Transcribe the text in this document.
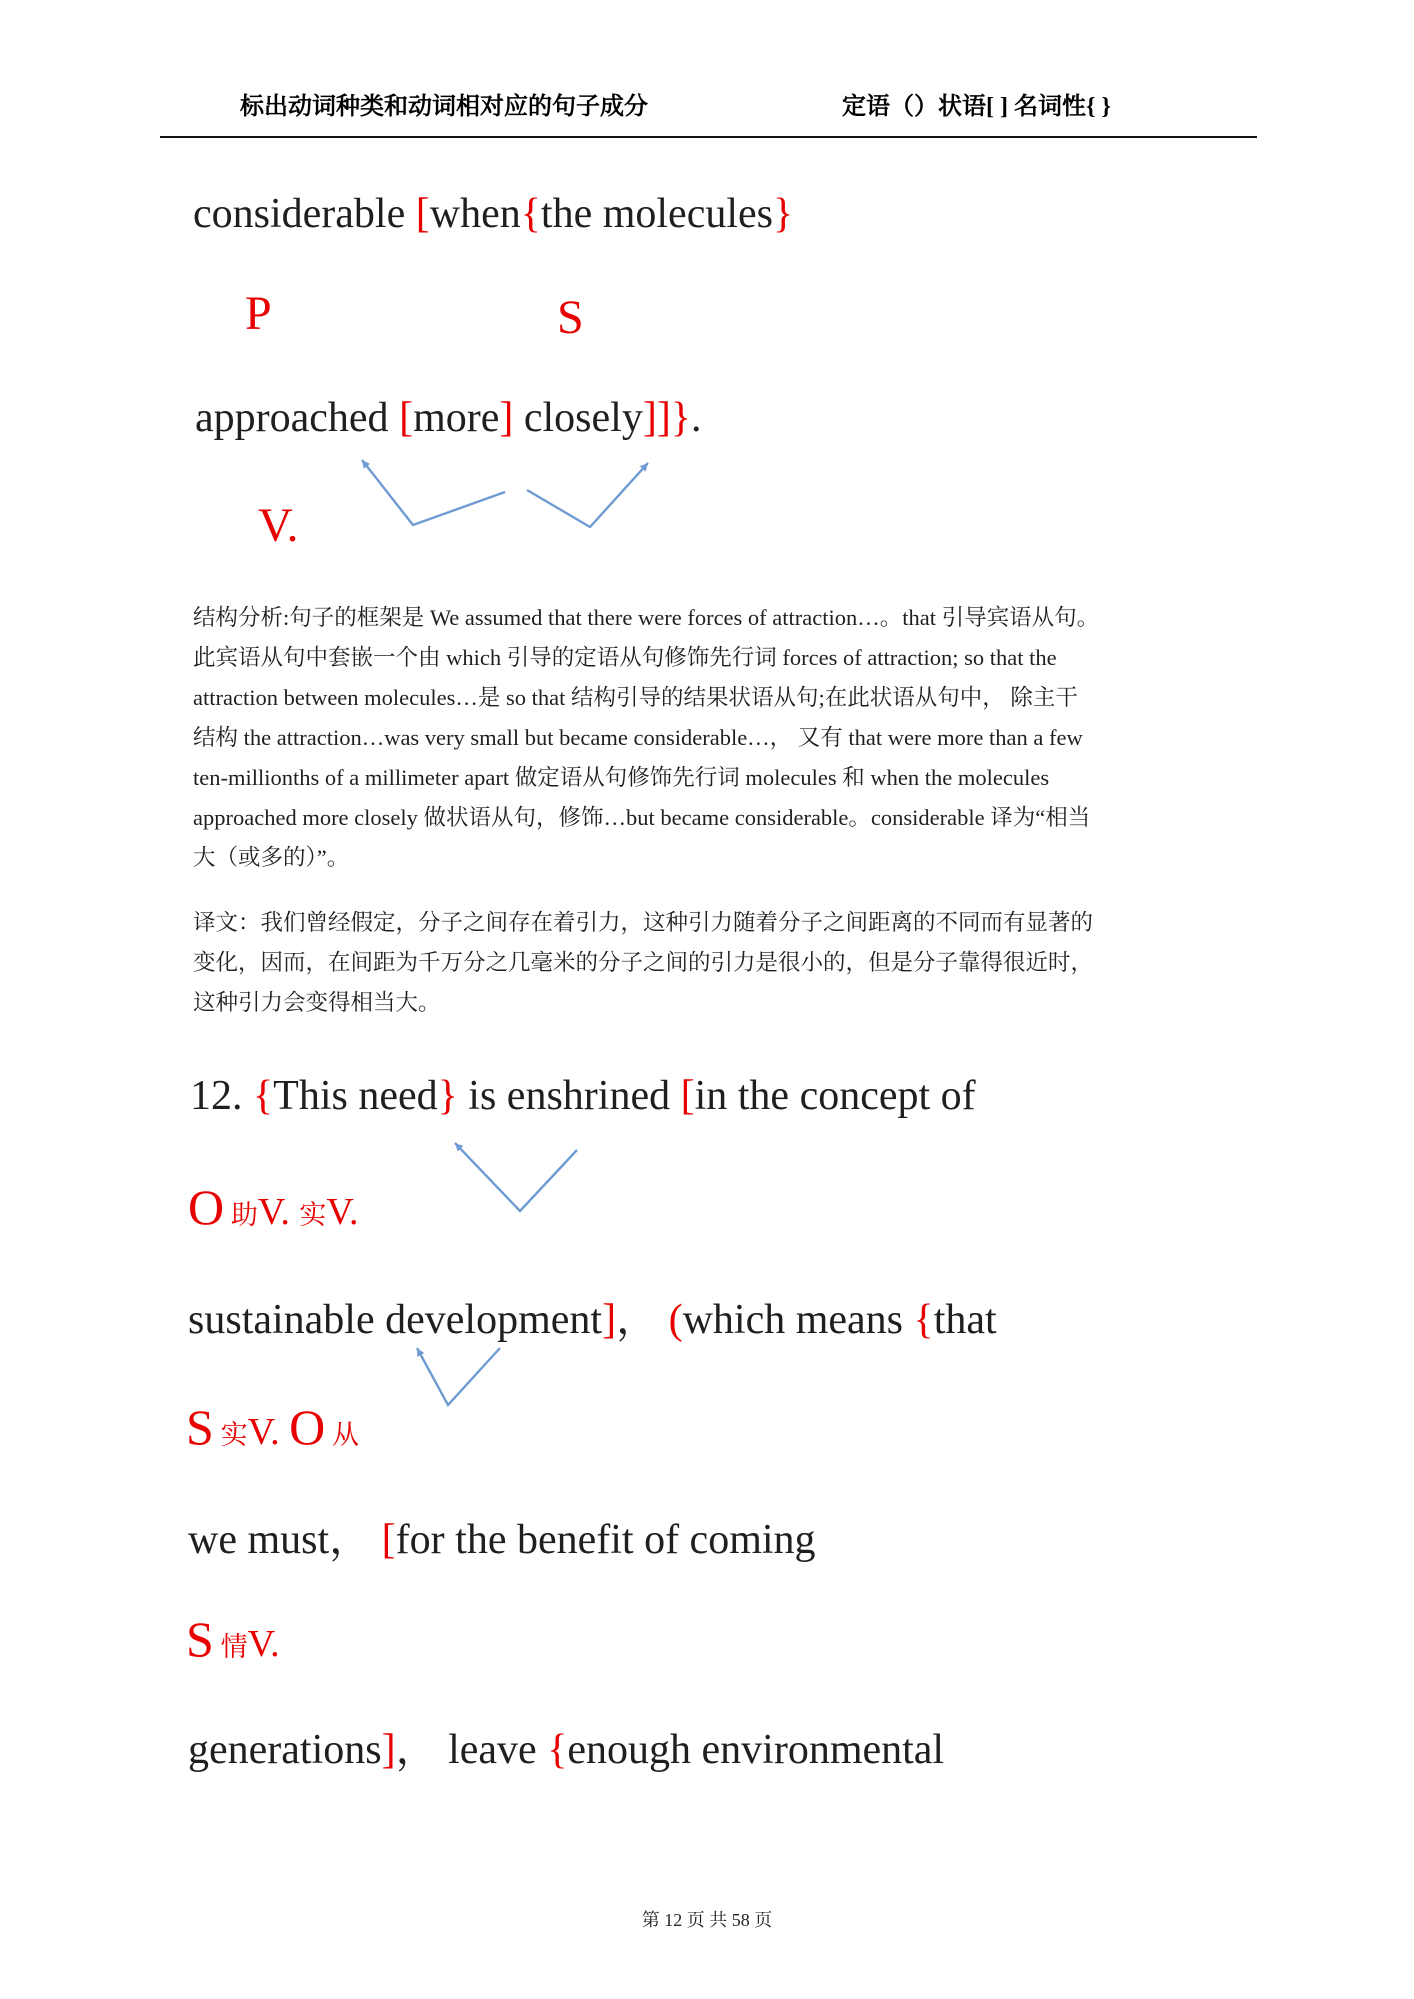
标出动词种类和动词相对应的句子成分	定语（）状语[ ] 名词性{ }
considerable [when{the molecules}
P	S
approached [more] closely]]}.
V.
结构分析:句子的框架是 We assumed that there were forces of attraction…。that 引导宾语从句。
此宾语从句中套嵌一个由 which 引导的定语从句修饰先行词 forces of attraction; so that the
attraction between molecules…是 so that 结构引导的结果状语从句;在此状语从句中， 除主干
结构 the attraction…was very small but became considerable…， 又有 that were more than a few
ten-millionths of a millimeter apart 做定语从句修饰先行词 molecules 和 when the molecules
approached more closely 做状语从句，修饰…but became considerable。considerable 译为“相当
大（或多的）”。
译文：我们曾经假定，分子之间存在着引力，这种引力随着分子之间距离的不同而有显著的
变化，因而，在间距为千万分之几毫米的分子之间的引力是很小的，但是分子靠得很近时，
这种引力会变得相当大。
12. {This need} is enshrined [in the concept of
O 助V. 实V.
sustainable development]， (which means {that
S 实V. O 从
we must， [for the benefit of coming
S 情V.
generations]， leave {enough environmental
第 12 页 共 58 页
